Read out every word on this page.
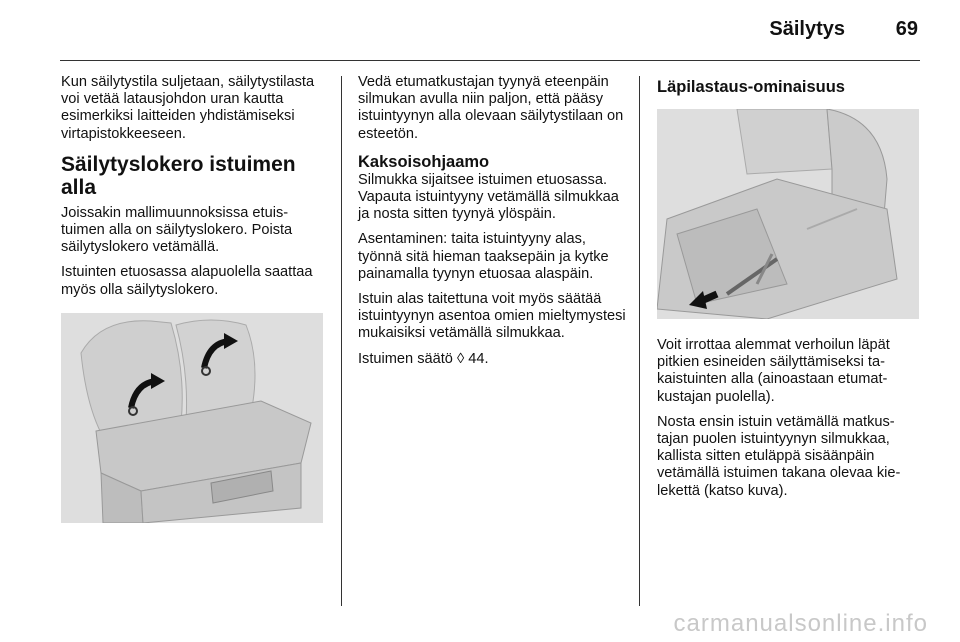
Säilytys	69

Kun säilytystila suljetaan, säilytystilasta voi vetää latausjohdon uran kautta esimerkiksi laitteiden yhdistämiseksi virtapistokkeeseen.

Säilytyslokero istuimen alla

Joissakin mallimuunnoksissa etuistuimen alla on säilytyslokero. Poista säilytyslokero vetämällä.

Istuinten etuosassa alapuolella saattaa myös olla säilytyslokero.

Vedä etumatkustajan tyynyä eteenpäin silmukan avulla niin paljon, että pääsy istuintyynyn alla olevaan säilytystilaan on esteetön.

Kaksoisohjaamo

Silmukka sijaitsee istuimen etuosassa. Vapauta istuintyyny vetämällä silmukkaa ja nosta sitten tyynyä ylöspäin.

Asentaminen: taita istuintyyny alas, työnnä sitä hieman taaksepäin ja kytke painamalla tyynyn etuosaa alaspäin.

Istuin alas taitettuna voit myös säätää istuintyynyn asentoa omien mieltymystesi mukaisiksi vetämällä silmukkaa.

Istuimen säätö ◊ 44.

Läpilastaus-ominaisuus

Voit irrottaa alemmat verhoilun läpät pitkien esineiden säilyttämiseksi takaistuinten alla (ainoastaan etumatkustajan puolella).

Nosta ensin istuin vetämällä matkustajan puolen istuintyynyn silmukkaa, kallista sitten etuläppä sisäänpäin vetämällä istuimen takana olevaa kielekettä (katso kuva).

carmanualsonline.info
